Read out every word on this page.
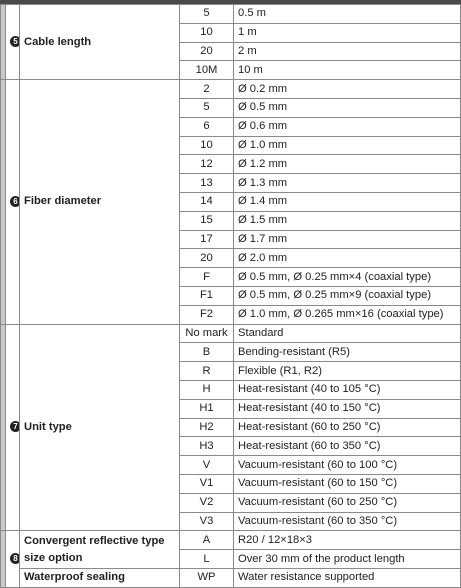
	5	Cable length	5	0.5 m
			10	1 m
			20	2 m
			10M	10 m
	6	Fiber diameter	2	Ø 0.2 mm
			5	Ø 0.5 mm
			6	Ø 0.6 mm
			10	Ø 1.0 mm
			12	Ø 1.2 mm
			13	Ø 1.3 mm
			14	Ø 1.4 mm
			15	Ø 1.5 mm
			17	Ø 1.7 mm
			20	Ø 2.0 mm
			F	Ø 0.5 mm, Ø 0.25 mm×4 (coaxial type)
			F1	Ø 0.5 mm, Ø 0.25 mm×9 (coaxial type)
			F2	Ø 1.0 mm, Ø 0.265 mm×16 (coaxial type)
	7	Unit type	No mark	Standard
			B	Bending-resistant (R5)
			R	Flexible (R1, R2)
			H	Heat-resistant (40 to 105 °C)
			H1	Heat-resistant (40 to 150 °C)
			H2	Heat-resistant (60 to 250 °C)
			H3	Heat-resistant (60 to 350 °C)
			V	Vacuum-resistant (60 to 100 °C)
			V1	Vacuum-resistant (60 to 150 °C)
			V2	Vacuum-resistant (60 to 250 °C)
			V3	Vacuum-resistant (60 to 350 °C)
	8	Convergent reflective type size option	A	R20 / 12×18×3
			L	Over 30 mm of the product length
		Waterproof sealing	WP	Water resistance supported
